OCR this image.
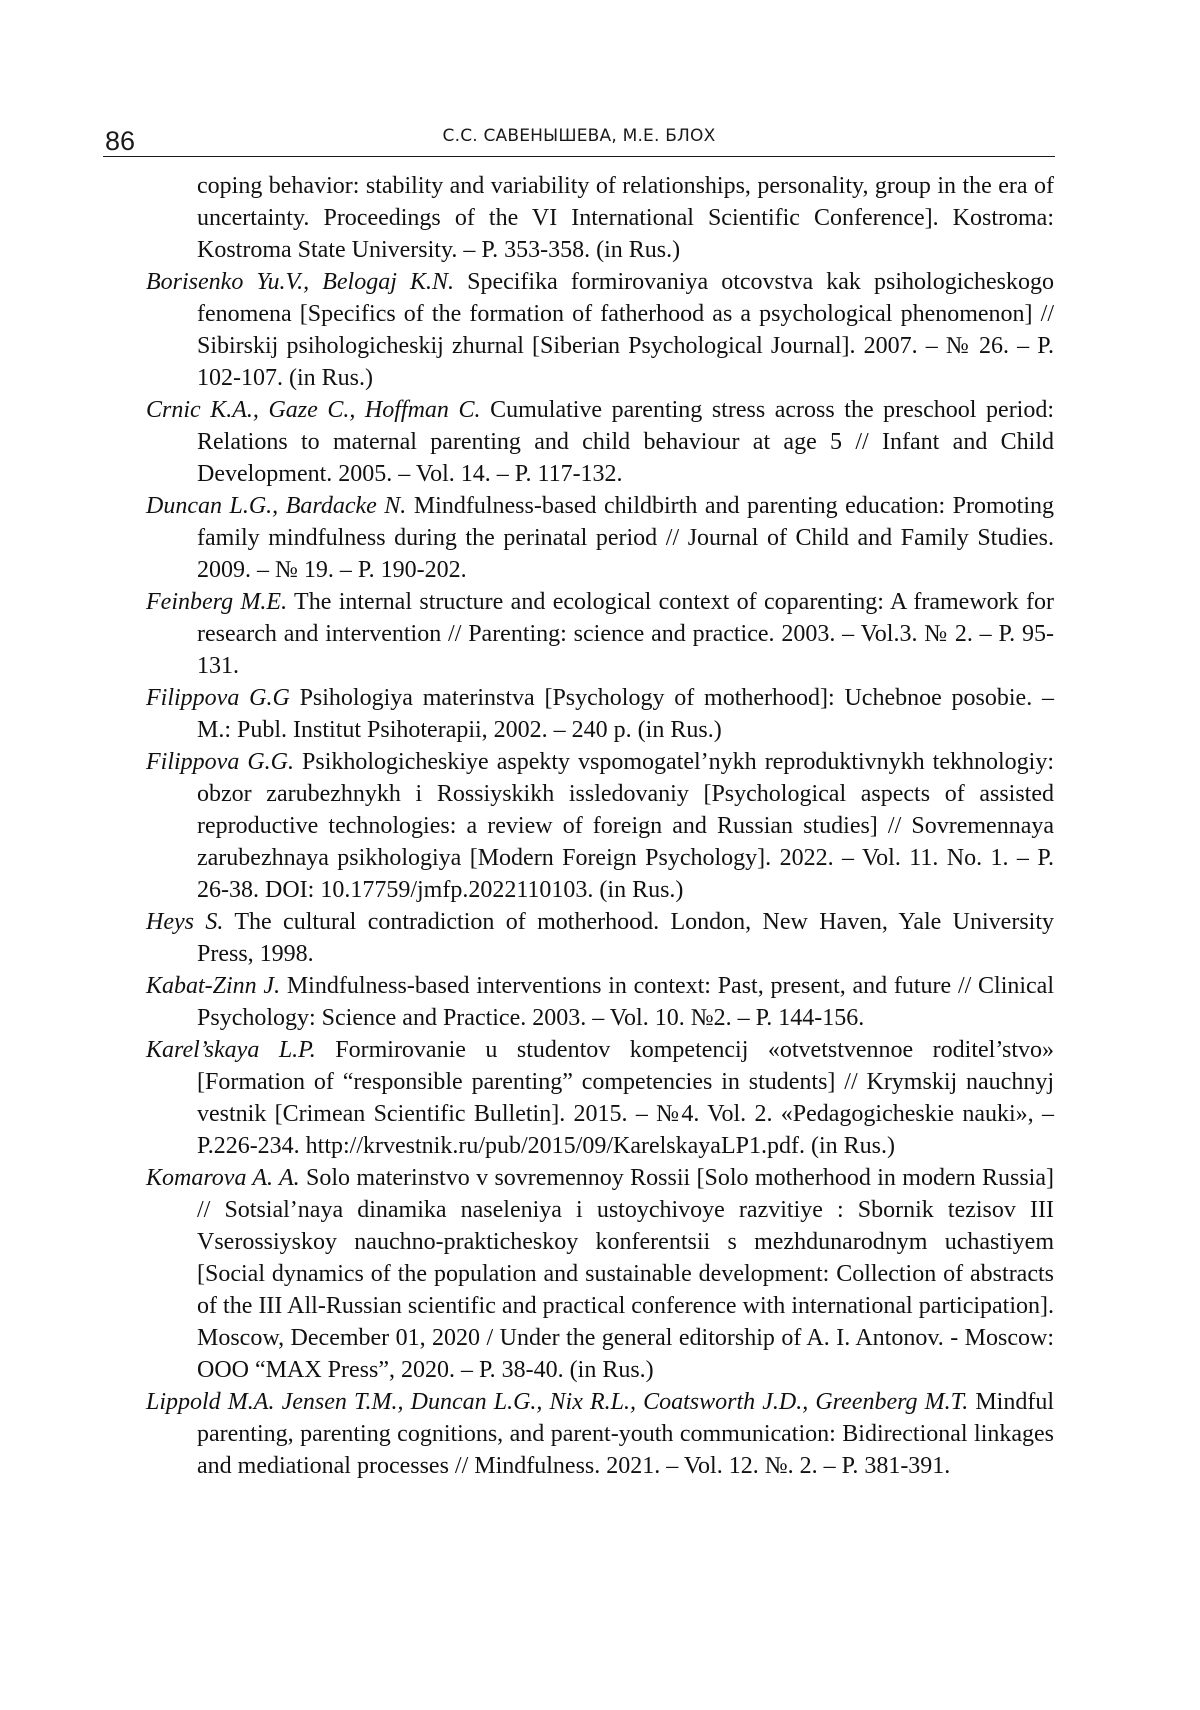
86	С.С. САВЕНЫШЕВА, М.Е. БЛОХ

coping behavior: stability and variability of relationships, personality, group in the era of uncertainty. Proceedings of the VI International Scientific Conference]. Kostroma: Kostroma State University. – P. 353-358. (in Rus.)

Borisenko Yu.V., Belogaj K.N. Specifika formirovaniya otcovstva kak psihologicheskogo fenomena [Specifics of the formation of fatherhood as a psychological phenomenon] // Sibirskij psihologicheskij zhurnal [Siberian Psychological Journal]. 2007. – № 26. – P. 102-107. (in Rus.)

Crnic K.A., Gaze C., Hoffman C. Cumulative parenting stress across the preschool period: Relations to maternal parenting and child behaviour at age 5 // Infant and Child Development. 2005. – Vol. 14. – P. 117-132.

Duncan L.G., Bardacke N. Mindfulness-based childbirth and parenting education: Promoting family mindfulness during the perinatal period // Journal of Child and Family Studies. 2009. – № 19. – P. 190-202.

Feinberg M.E. The internal structure and ecological context of coparenting: A framework for research and intervention // Parenting: science and practice. 2003. – Vol.3. № 2. – P. 95-131.

Filippova G.G Psihologiya materinstva [Psychology of motherhood]: Uchebnoe posobie. – M.: Publ. Institut Psihoterapii, 2002. – 240 p. (in Rus.)

Filippova G.G. Psikhologicheskiye aspekty vspomogatel’nykh reproduktivnykh tekhnologiy: obzor zarubezhnykh i Rossiyskikh issledovaniy [Psychological aspects of assisted reproductive technologies: a review of foreign and Russian studies] // Sovremennaya zarubezhnaya psikhologiya [Modern Foreign Psychology]. 2022. – Vol. 11. No. 1. – P. 26-38. DOI: 10.17759/jmfp.2022110103. (in Rus.)

Heys S. The cultural contradiction of motherhood. London, New Haven, Yale University Press, 1998.

Kabat-Zinn J. Mindfulness-based interventions in context: Past, present, and future // Clinical Psychology: Science and Practice. 2003. – Vol. 10. №2. – P. 144-156.

Karel’skaya L.P. Formirovanie u studentov kompetencij «otvetstvennoe roditel’stvo» [Formation of “responsible parenting” competencies in students] // Krymskij nauchnyj vestnik [Crimean Scientific Bulletin]. 2015. – №4. Vol. 2. «Pedagogicheskie nauki», – P.226-234. http://krvestnik.ru/pub/2015/09/KarelskayaLP1.pdf. (in Rus.)

Komarova A. A. Solo materinstvo v sovremennoy Rossii [Solo motherhood in modern Russia] // Sotsial’naya dinamika naseleniya i ustoychivoye razvitiye : Sbornik tezisov III Vserossiyskoy nauchno-prakticheskoy konferentsii s mezhdunarodnym uchastiyem [Social dynamics of the population and sustainable development: Collection of abstracts of the III All-Russian scientific and practical conference with international participation]. Moscow, December 01, 2020 / Under the general editorship of A. I. Antonov. - Moscow: OOO “MAX Press”, 2020. – P. 38-40. (in Rus.)

Lippold M.A. Jensen T.M., Duncan L.G., Nix R.L., Coatsworth J.D., Greenberg M.T. Mindful parenting, parenting cognitions, and parent-youth communication: Bidirectional linkages and mediational processes // Mindfulness. 2021. – Vol. 12. №. 2. – P. 381-391.
